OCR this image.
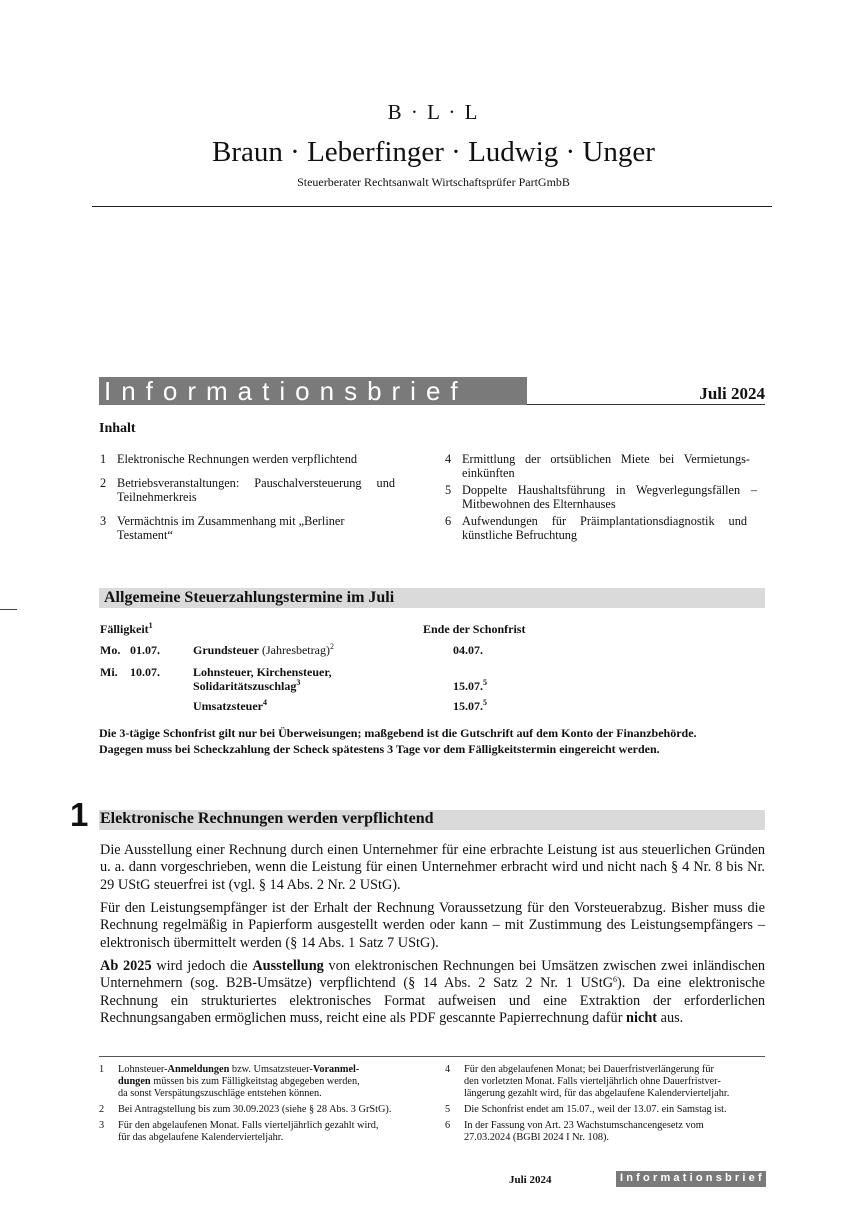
B · L · L
Braun · Leberfinger · Ludwig · Unger
Steuerberater Rechtsanwalt Wirtschaftsprüfer PartGmbB
Informationsbrief	Juli 2024
Inhalt
1 Elektronische Rechnungen werden verpflichtend
2 Betriebsveranstaltungen: Pauschalversteuerung und Teilnehmerkreis
3 Vermächtnis im Zusammenhang mit „Berliner Testament“
4 Ermittlung der ortsüblichen Miete bei Vermietungs-einkünften
5 Doppelte Haushaltsführung in Wegverlegungsfällen – Mitbewohnen des Elternhauses
6 Aufwendungen für Präimplantationsdiagnostik und künstliche Befruchtung
Allgemeine Steuerzahlungstermine im Juli
Fälligkeit$^1$	Ende der Schonfrist
Mo. 01.07.	Grundsteuer (Jahresbetrag)$^2$	04.07.
Mi. 10.07.	Lohnsteuer, Kirchensteuer,
Solidaritätszuschlag$^3$	15.07.$^5$
Umsatzsteuer$^4$	15.07.$^5$
Die 3-tägige Schonfrist gilt nur bei Überweisungen; maßgebend ist die Gutschrift auf dem Konto der Finanzbehörde.
Dagegen muss bei Scheckzahlung der Scheck spätestens 3 Tage vor dem Fälligkeitstermin eingereicht werden.
1 Elektronische Rechnungen werden verpflichtend
Die Ausstellung einer Rechnung durch einen Unternehmer für eine erbrachte Leistung ist aus steuerlichen Gründen u. a. dann vorgeschrieben, wenn die Leistung für einen Unternehmer erbracht wird und nicht nach § 4 Nr. 8 bis Nr. 29 UStG steuerfrei ist (vgl. § 14 Abs. 2 Nr. 2 UStG).
Für den Leistungsempfänger ist der Erhalt der Rechnung Voraussetzung für den Vorsteuerabzug. Bisher muss die Rechnung regelmäßig in Papierform ausgestellt werden oder kann – mit Zustimmung des Leistungsempfängers – elektronisch übermittelt werden (§ 14 Abs. 1 Satz 7 UStG).
Ab 2025 wird jedoch die Ausstellung von elektronischen Rechnungen bei Umsätzen zwischen zwei inländischen Unternehmern (sog. B2B-Umsätze) verpflichtend (§ 14 Abs. 2 Satz 2 Nr. 1 UStG$^6$). Da eine elektronische Rechnung ein strukturiertes elektronisches Format aufweisen und eine Extraktion der erforderlichen Rechnungsangaben ermöglichen muss, reicht eine als PDF gescannte Papierrechnung dafür nicht aus.
1 Lohnsteuer-Anmeldungen bzw. Umsatzsteuer-Voranmel-
dungen müssen bis zum Fälligkeitstag abgegeben werden,
da sonst Verspätungszuschläge entstehen können.
2 Bei Antragstellung bis zum 30.09.2023 (siehe § 28 Abs. 3 GrStG).
3 Für den abgelaufenen Monat. Falls vierteljährlich gezahlt wird,
für das abgelaufene Kalendervierteljahr.
4 Für den abgelaufenen Monat; bei Dauerfristverlängerung für
den vorletzten Monat. Falls vierteljährlich ohne Dauerfristver-
längerung gezahlt wird, für das abgelaufene Kalendervierteljahr.
5 Die Schonfrist endet am 15.07., weil der 13.07. ein Samstag ist.
6 In der Fassung von Art. 23 Wachstumschancengesetz vom
27.03.2024 (BGBl 2024 I Nr. 108).
Juli 2024	Informationsbrief
